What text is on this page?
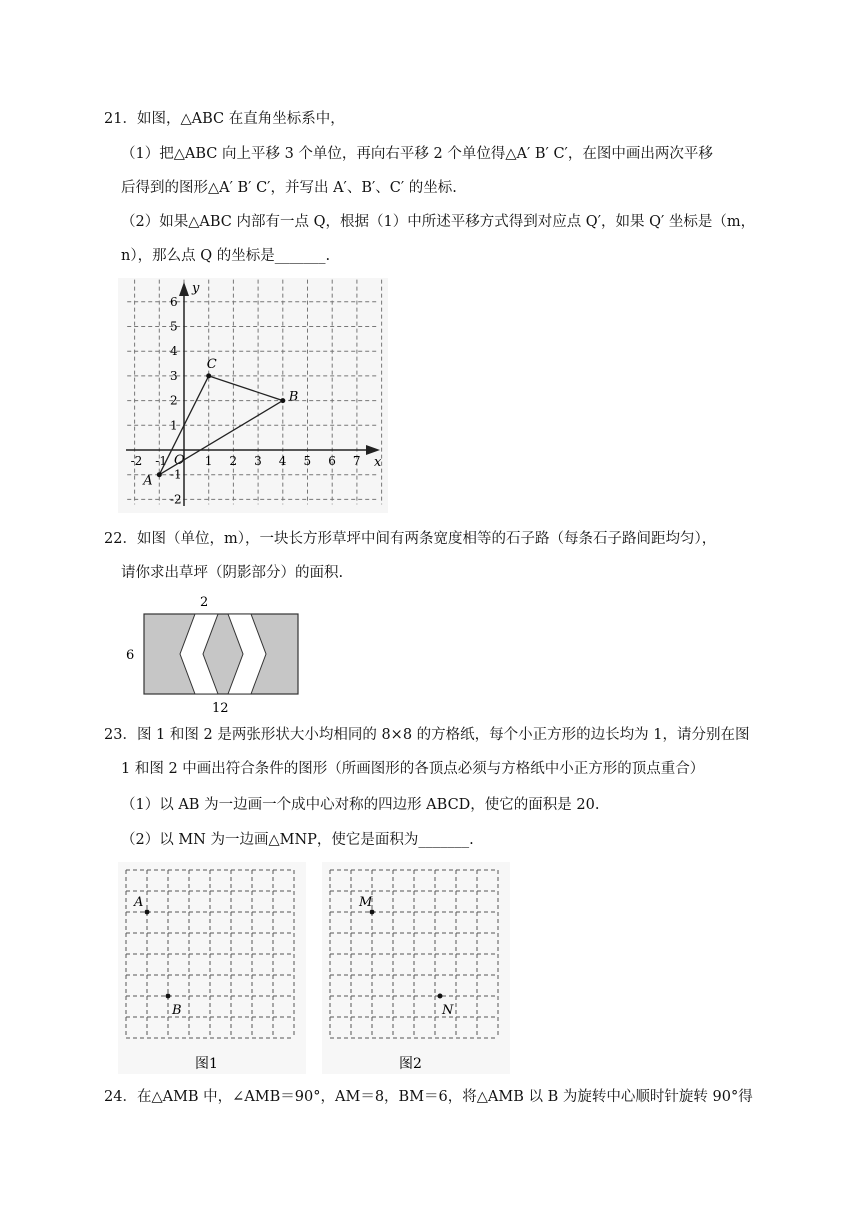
21．如图，△ABC 在直角坐标系中，
（1）把△ABC 向上平移 3 个单位，再向右平移 2 个单位得△A′ B′ C′，在图中画出两次平移
后得到的图形△A′ B′ C′，并写出 A′、B′、C′ 的坐标.
（2）如果△ABC 内部有一点 Q，根据（1）中所述平移方式得到对应点 Q′，如果 Q′ 坐标是（m，
n），那么点 Q 的坐标是_______.
y
x
O
-2 -1	1 2 3 4 5 6 7
6
5
4
3
2
1
-1
-2
A
B
C
22．如图（单位，m），一块长方形草坪中间有两条宽度相等的石子路（每条石子路间距均匀），
请你求出草坪（阴影部分）的面积.
2
6
12
23．图 1 和图 2 是两张形状大小均相同的 8×8 的方格纸，每个小正方形的边长均为 1，请分别在图
1 和图 2 中画出符合条件的图形（所画图形的各顶点必须与方格纸中小正方形的顶点重合）
（1）以 AB 为一边画一个成中心对称的四边形 ABCD，使它的面积是 20.
（2）以 MN 为一边画△MNP，使它是面积为_______.
A
B
图1
M
N
图2
24．在△AMB 中，∠AMB＝90°，AM＝8，BM＝6，将△AMB 以 B 为旋转中心顺时针旋转 90°得
